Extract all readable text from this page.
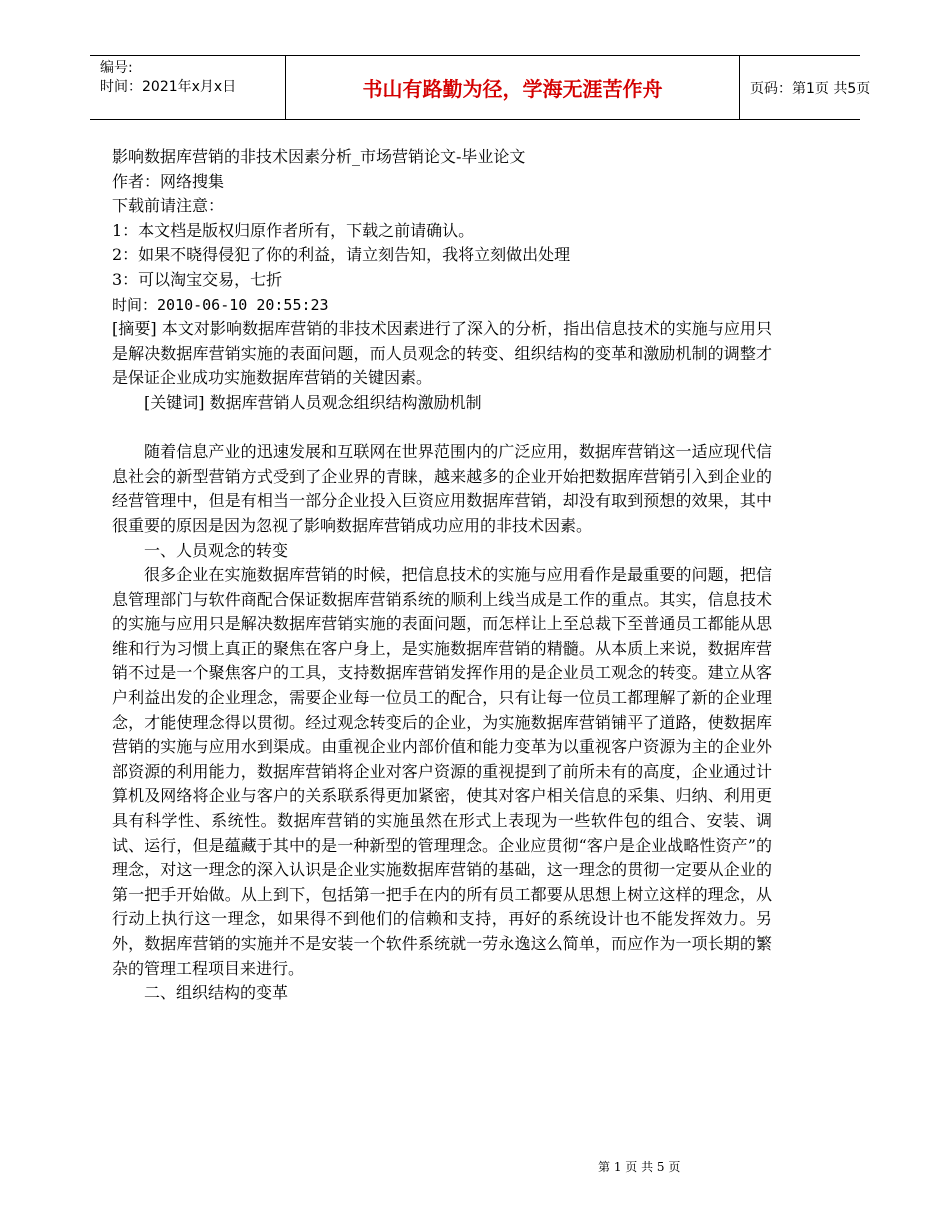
编号:
时间：2021年x月x日	书山有路勤为径，学海无涯苦作舟	页码：第1页 共5页
影响数据库营销的非技术因素分析_市场营销论文-毕业论文
作者：网络搜集
下载前请注意：
1：本文档是版权归原作者所有，下载之前请确认。
2：如果不晓得侵犯了你的利益，请立刻告知，我将立刻做出处理
3：可以淘宝交易，七折
时间：2010-06-10 20:55:23

[摘要] 本文对影响数据库营销的非技术因素进行了深入的分析，指出信息技术的实施与应用只是解决数据库营销实施的表面问题，而人员观念的转变、组织结构的变革和激励机制的调整才是保证企业成功实施数据库营销的关键因素。

[关键词] 数据库营销人员观念组织结构激励机制

随着信息产业的迅速发展和互联网在世界范围内的广泛应用，数据库营销这一适应现代信息社会的新型营销方式受到了企业界的青睐，越来越多的企业开始把数据库营销引入到企业的经营管理中，但是有相当一部分企业投入巨资应用数据库营销，却没有取到预想的效果，其中很重要的原因是因为忽视了影响数据库营销成功应用的非技术因素。

一、人员观念的转变

很多企业在实施数据库营销的时候，把信息技术的实施与应用看作是最重要的问题，把信息管理部门与软件商配合保证数据库营销系统的顺利上线当成是工作的重点。其实，信息技术的实施与应用只是解决数据库营销实施的表面问题，而怎样让上至总裁下至普通员工都能从思维和行为习惯上真正的聚焦在客户身上，是实施数据库营销的精髓。从本质上来说，数据库营销不过是一个聚焦客户的工具，支持数据库营销发挥作用的是企业员工观念的转变。建立从客户利益出发的企业理念，需要企业每一位员工的配合，只有让每一位员工都理解了新的企业理念，才能使理念得以贯彻。经过观念转变后的企业，为实施数据库营销铺平了道路，使数据库营销的实施与应用水到渠成。由重视企业内部价值和能力变革为以重视客户资源为主的企业外部资源的利用能力，数据库营销将企业对客户资源的重视提到了前所未有的高度，企业通过计算机及网络将企业与客户的关系联系得更加紧密，使其对客户相关信息的采集、归纳、利用更具有科学性、系统性。数据库营销的实施虽然在形式上表现为一些软件包的组合、安装、调试、运行，但是蕴藏于其中的是一种新型的管理理念。企业应贯彻“客户是企业战略性资产”的理念，对这一理念的深入认识是企业实施数据库营销的基础，这一理念的贯彻一定要从企业的第一把手开始做。从上到下，包括第一把手在内的所有员工都要从思想上树立这样的理念，从行动上执行这一理念，如果得不到他们的信赖和支持，再好的系统设计也不能发挥效力。另外，数据库营销的实施并不是安装一个软件系统就一劳永逸这么简单，而应作为一项长期的繁杂的管理工程项目来进行。

二、组织结构的变革

第 1 页 共 5 页
